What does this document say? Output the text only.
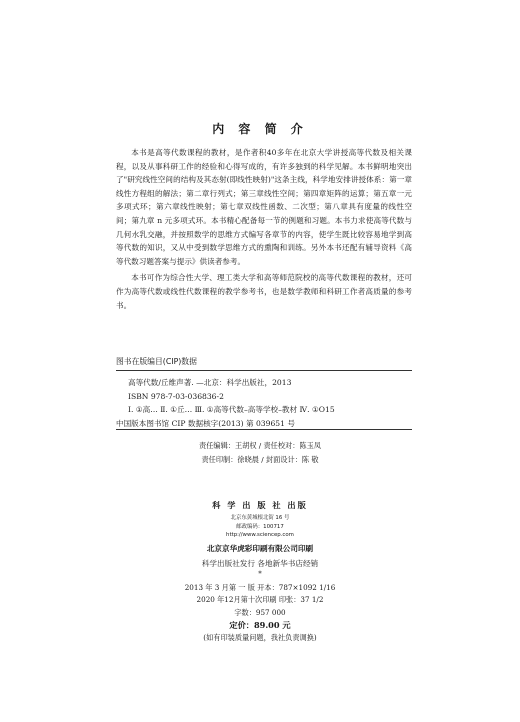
内 容 简 介

本书是高等代数课程的教材，是作者积40多年在北京大学讲授高等代数及相关课程，以及从事科研工作的经验和心得写成的，有许多独到的科学见解。本书鲜明地突出了"研究线性空间的结构及其态射(即线性映射)"这条主线，科学地安排讲授体系：第一章线性方程组的解法；第二章行列式；第三章线性空间；第四章矩阵的运算；第五章一元多项式环；第六章线性映射；第七章双线性函数、二次型；第八章具有度量的线性空间；第九章 n 元多项式环。本书精心配备每一节的例题和习题。本书力求使高等代数与几何水乳交融，并按照数学的思维方式编写各章节的内容，使学生既比较容易地学到高等代数的知识，又从中受到数学思维方式的熏陶和训练。另外本书还配有辅导资料《高等代数习题答案与提示》供读者参考。

本书可作为综合性大学、理工类大学和高等师范院校的高等代数课程的教材，还可作为高等代数或线性代数课程的教学参考书，也是数学教师和科研工作者高质量的参考书。

图书在版编目(CIP)数据
高等代数/丘维声著. —北京：科学出版社，2013
ISBN 978-7-03-036836-2
Ⅰ. ①高… Ⅱ. ①丘… Ⅲ. ①高等代数–高等学校–教材 Ⅳ. ①O15
中国版本图书馆 CIP 数据核字(2013) 第 039651 号
责任编辑：王胡权 / 责任校对：陈玉凤
责任印制：徐晓晨 / 封面设计：陈 敬
科 学 出 版 社 出版
北京东黄城根北街 16 号
邮政编码：100717
http://www.sciencep.com
北京京华虎彩印刷有限公司印刷
科学出版社发行 各地新华书店经销
*
2013 年 3 月第 一 版 开本：787×1092 1/16
2020 年12月第十次印刷 印张：37 1/2
字数：957 000
定价：89.00 元
(如有印装质量问题，我社负责调换)
